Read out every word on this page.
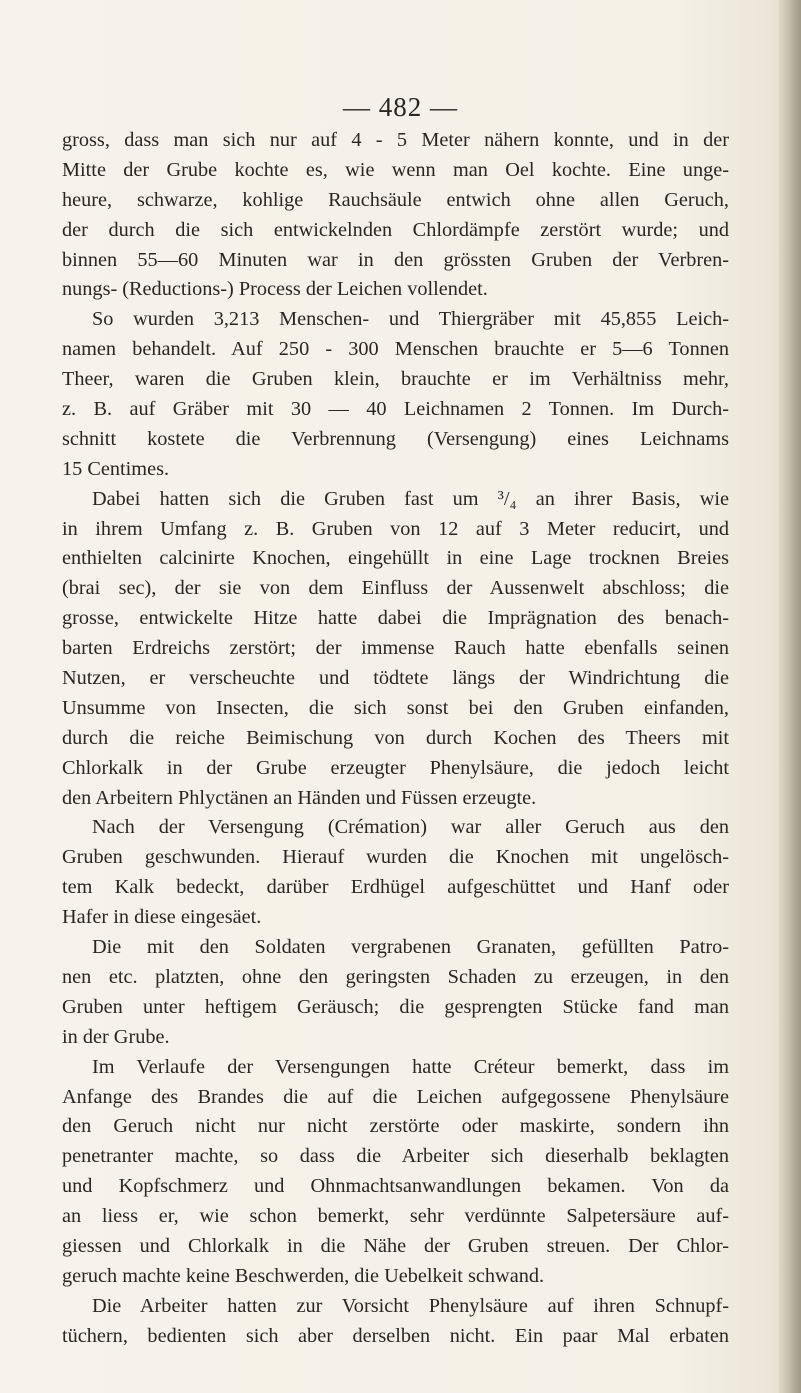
— 482 —
gross, dass man sich nur auf 4 - 5 Meter nähern konnte, und in der
Mitte der Grube kochte es, wie wenn man Oel kochte. Eine unge-
heure, schwarze, kohlige Rauchsäule entwich ohne allen Geruch,
der durch die sich entwickelnden Chlordämpfe zerstört wurde; und
binnen 55—60 Minuten war in den grössten Gruben der Verbren-
nungs- (Reductions-) Process der Leichen vollendet.
So wurden 3,213 Menschen- und Thiergräber mit 45,855 Leich-
namen behandelt. Auf 250 - 300 Menschen brauchte er 5—6 Tonnen
Theer, waren die Gruben klein, brauchte er im Verhältniss mehr,
z. B. auf Gräber mit 30 — 40 Leichnamen 2 Tonnen. Im Durch-
schnitt kostete die Verbrennung (Versengung) eines Leichnams
15 Centimes.
Dabei hatten sich die Gruben fast um ³/₄ an ihrer Basis, wie
in ihrem Umfang z. B. Gruben von 12 auf 3 Meter reducirt, und
enthielten calcinirte Knochen, eingehüllt in eine Lage trocknen Breies
(brai sec), der sie von dem Einfluss der Aussenwelt abschloss; die
grosse, entwickelte Hitze hatte dabei die Imprägnation des benach-
barten Erdreichs zerstört; der immense Rauch hatte ebenfalls seinen
Nutzen, er verscheuchte und tödtete längs der Windrichtung die
Unsumme von Insecten, die sich sonst bei den Gruben einfanden,
durch die reiche Beimischung von durch Kochen des Theers mit
Chlorkalk in der Grube erzeugter Phenylsäure, die jedoch leicht
den Arbeitern Phlyctänen an Händen und Füssen erzeugte.
Nach der Versengung (Crémation) war aller Geruch aus den
Gruben geschwunden. Hierauf wurden die Knochen mit ungelösch-
tem Kalk bedeckt, darüber Erdhügel aufgeschüttet und Hanf oder
Hafer in diese eingesäet.
Die mit den Soldaten vergrabenen Granaten, gefüllten Patro-
nen etc. platzten, ohne den geringsten Schaden zu erzeugen, in den
Gruben unter heftigem Geräusch; die gesprengten Stücke fand man
in der Grube.
Im Verlaufe der Versengungen hatte Créteur bemerkt, dass im
Anfange des Brandes die auf die Leichen aufgegossene Phenylsäure
den Geruch nicht nur nicht zerstörte oder maskirte, sondern ihn
penetranter machte, so dass die Arbeiter sich dieserhalb beklagten
und Kopfschmerz und Ohnmachtsanwandlungen bekamen. Von da
an liess er, wie schon bemerkt, sehr verdünnte Salpetersäure auf-
giessen und Chlorkalk in die Nähe der Gruben streuen. Der Chlor-
geruch machte keine Beschwerden, die Uebelkeit schwand.
Die Arbeiter hatten zur Vorsicht Phenylsäure auf ihren Schnupf-
tüchern, bedienten sich aber derselben nicht. Ein paar Mal erbaten
